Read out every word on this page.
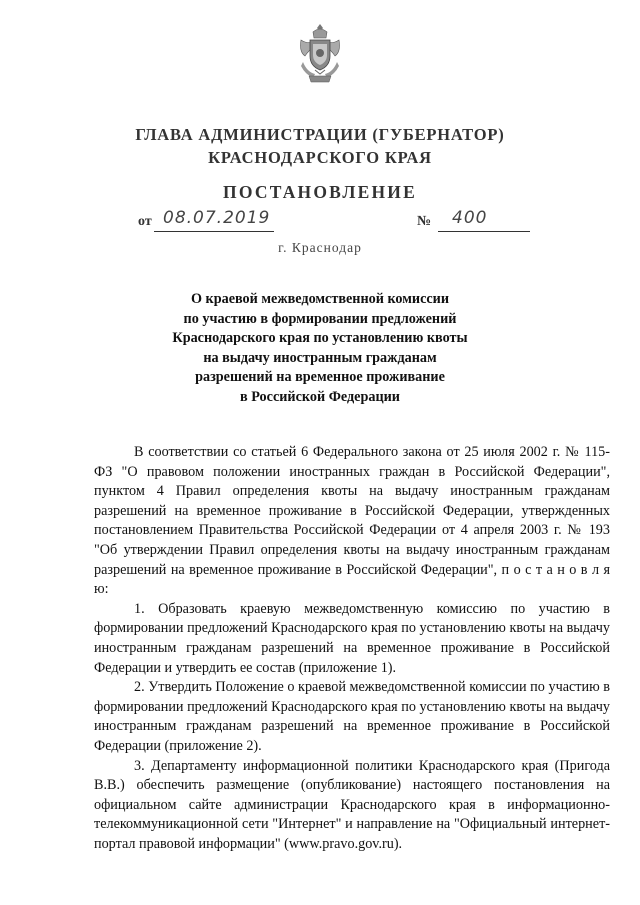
ГЛАВА АДМИНИСТРАЦИИ (ГУБЕРНАТОР)
КРАСНОДАРСКОГО КРАЯ
ПОСТАНОВЛЕНИЕ
от 08.07.2019	№ 400
г. Краснодар
О краевой межведомственной комиссии
по участию в формировании предложений
Краснодарского края по установлению квоты
на выдачу иностранным гражданам
разрешений на временное проживание
в Российской Федерации

В соответствии со статьей 6 Федерального закона от 25 июля 2002 г. № 115-ФЗ "О правовом положении иностранных граждан в Российской Федерации", пунктом 4 Правил определения квоты на выдачу иностранным гражданам разрешений на временное проживание в Российской Федерации, утвержденных постановлением Правительства Российской Федерации от 4 апреля 2003 г. № 193 "Об утверждении Правил определения квоты на выдачу иностранным гражданам разрешений на временное проживание в Российской Федерации", п о с т а н о в л я ю:

1. Образовать краевую межведомственную комиссию по участию в формировании предложений Краснодарского края по установлению квоты на выдачу иностранным гражданам разрешений на временное проживание в Российской Федерации и утвердить ее состав (приложение 1).

2. Утвердить Положение о краевой межведомственной комиссии по участию в формировании предложений Краснодарского края по установлению квоты на выдачу иностранным гражданам разрешений на временное проживание в Российской Федерации (приложение 2).

3. Департаменту информационной политики Краснодарского края (Пригода В.В.) обеспечить размещение (опубликование) настоящего постановления на официальном сайте администрации Краснодарского края в информационно-телекоммуникационной сети "Интернет" и направление на "Официальный интернет-портал правовой информации" (www.pravo.gov.ru).
